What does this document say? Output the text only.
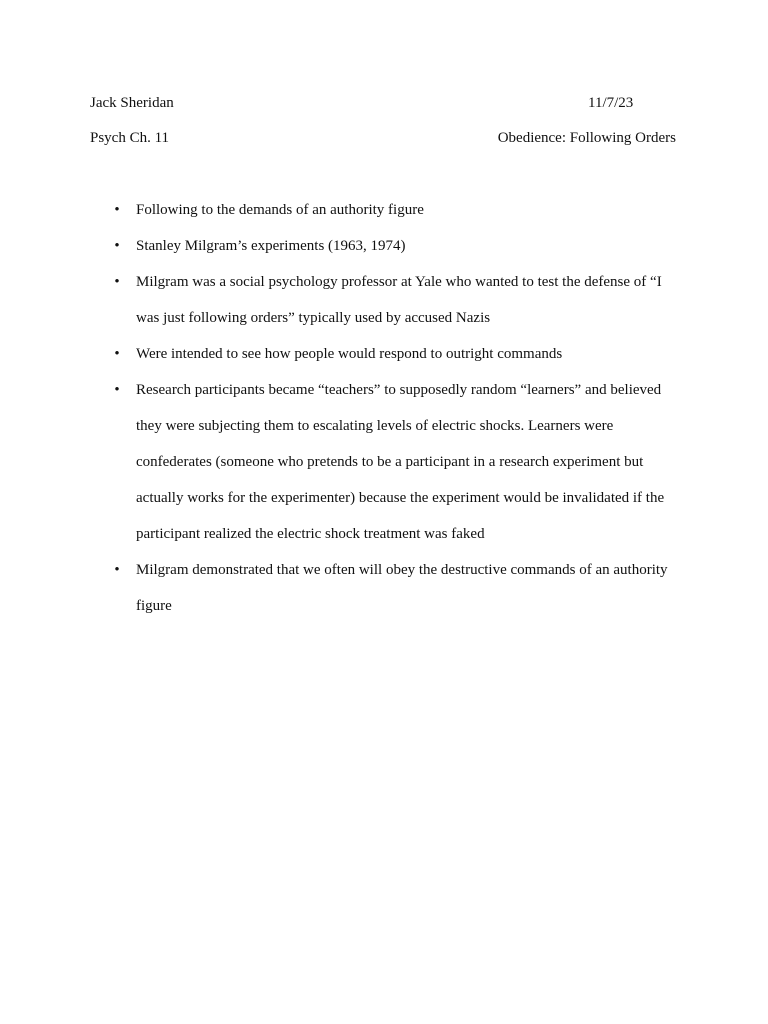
Jack Sheridan	11/7/23
Psych Ch. 11	Obedience: Following Orders
• Following to the demands of an authority figure
• Stanley Milgram’s experiments (1963, 1974)
• Milgram was a social psychology professor at Yale who wanted to test the defense of “I was just following orders” typically used by accused Nazis
• Were intended to see how people would respond to outright commands
• Research participants became “teachers” to supposedly random “learners” and believed they were subjecting them to escalating levels of electric shocks. Learners were confederates (someone who pretends to be a participant in a research experiment but actually works for the experimenter) because the experiment would be invalidated if the participant realized the electric shock treatment was faked
• Milgram demonstrated that we often will obey the destructive commands of an authority figure
